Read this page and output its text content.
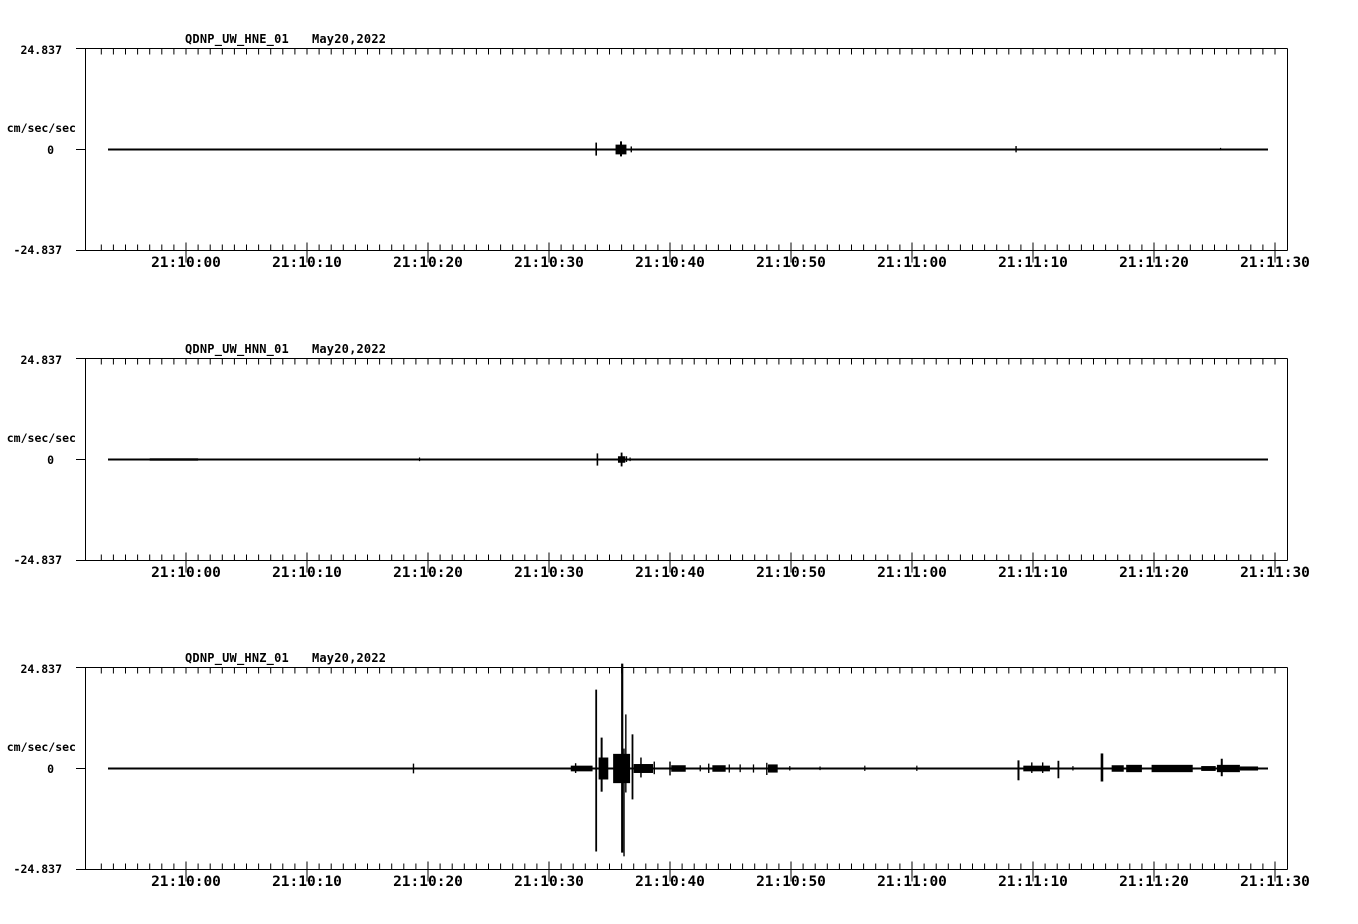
QDNP_UW_HNE_01 May20,2022
24.837
cm/sec/sec
0
-24.837
21:10:00	21:10:10	21:10:20	21:10:30	21:10:40	21:10:50	21:11:00	21:11:10	21:11:20	21:11:30
QDNP_UW_HNN_01 May20,2022
24.837
cm/sec/sec
0
-24.837
21:10:00	21:10:10	21:10:20	21:10:30	21:10:40	21:10:50	21:11:00	21:11:10	21:11:20	21:11:30
QDNP_UW_HNZ_01 May20,2022
24.837
cm/sec/sec
0
-24.837
21:10:00	21:10:10	21:10:20	21:10:30	21:10:40	21:10:50	21:11:00	21:11:10	21:11:20	21:11:30
